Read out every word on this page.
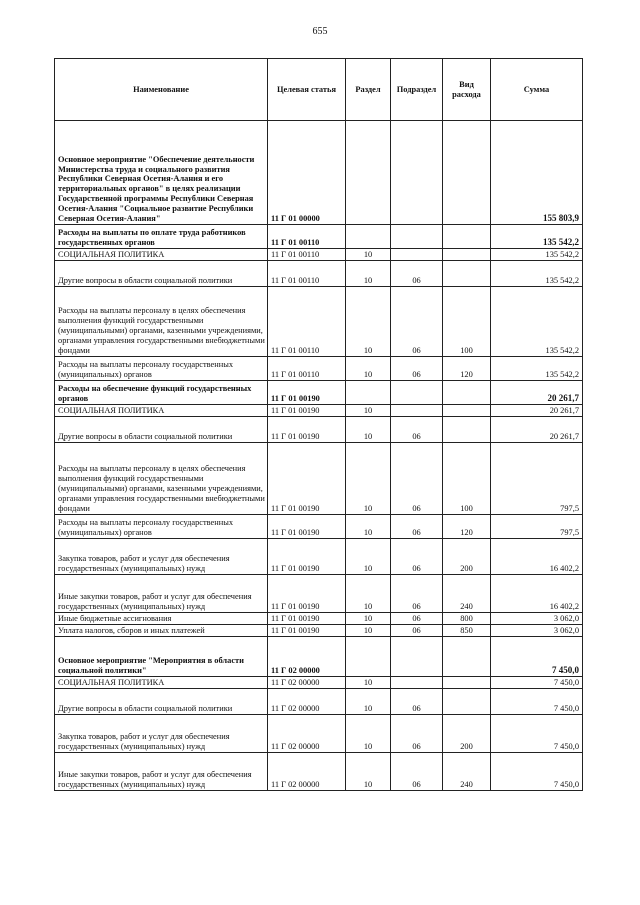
655
Наименование	Целевая статья	Раздел	Подраздел	Вид расхода	Сумма
Основное мероприятие "Обеспечение деятельности Министерства труда и социального развития Республики Северная Осетия-Алания и его территориальных органов" в целях реализации Государственной программы Республики Северная Осетия-Алания "Социальное развитие Республики Северная Осетия-Алания"	11 Г 01 00000				155 803,9
Расходы на выплаты по оплате труда работников государственных органов	11 Г 01 00110				135 542,2
СОЦИАЛЬНАЯ ПОЛИТИКА	11 Г 01 00110	10			135 542,2
Другие вопросы в области социальной политики	11 Г 01 00110	10	06		135 542,2
Расходы на выплаты персоналу в целях обеспечения выполнения функций государственными (муниципальными) органами, казенными учреждениями, органами управления государственными внебюджетными фондами	11 Г 01 00110	10	06	100	135 542,2
Расходы на выплаты персоналу государственных (муниципальных) органов	11 Г 01 00110	10	06	120	135 542,2
Расходы на обеспечение функций государственных органов	11 Г 01 00190				20 261,7
СОЦИАЛЬНАЯ ПОЛИТИКА	11 Г 01 00190	10			20 261,7
Другие вопросы в области социальной политики	11 Г 01 00190	10	06		20 261,7
Расходы на выплаты персоналу в целях обеспечения выполнения функций государственными (муниципальными) органами, казенными учреждениями, органами управления государственными внебюджетными фондами	11 Г 01 00190	10	06	100	797,5
Расходы на выплаты персоналу государственных (муниципальных) органов	11 Г 01 00190	10	06	120	797,5
Закупка товаров, работ и услуг для обеспечения государственных (муниципальных) нужд	11 Г 01 00190	10	06	200	16 402,2
Иные закупки товаров, работ и услуг для обеспечения государственных (муниципальных) нужд	11 Г 01 00190	10	06	240	16 402,2
Иные бюджетные ассигнования	11 Г 01 00190	10	06	800	3 062,0
Уплата налогов, сборов и иных платежей	11 Г 01 00190	10	06	850	3 062,0
Основное мероприятие "Мероприятия в области социальной политики"	11 Г 02 00000				7 450,0
СОЦИАЛЬНАЯ ПОЛИТИКА	11 Г 02 00000	10			7 450,0
Другие вопросы в области социальной политики	11 Г 02 00000	10	06		7 450,0
Закупка товаров, работ и услуг для обеспечения государственных (муниципальных) нужд	11 Г 02 00000	10	06	200	7 450,0
Иные закупки товаров, работ и услуг для обеспечения государственных (муниципальных) нужд	11 Г 02 00000	10	06	240	7 450,0
